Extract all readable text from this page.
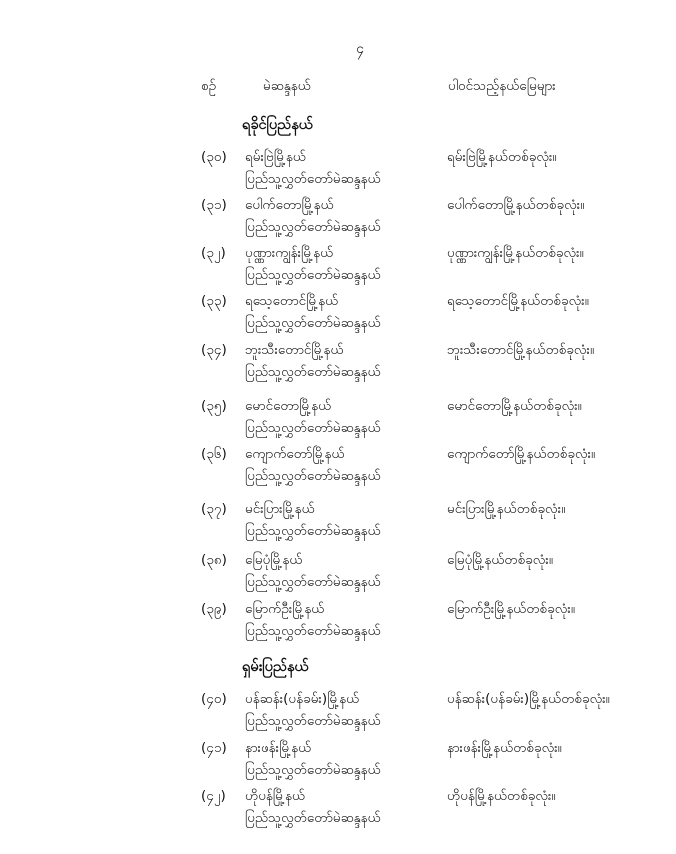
၄
စဉ်	မဲဆန္ဒနယ်	ပါဝင်သည့်နယ်မြေများ
ရခိုင်ပြည်နယ်
(၃၀) ရမ်းဗြဲမြို့နယ်
ပြည်သူ့လွှတ်တော်မဲဆန္ဒနယ်
ရမ်းဗြဲမြို့နယ်တစ်ခုလုံး။
(၃၁) ပေါက်တောမြို့နယ်
ပြည်သူ့လွှတ်တော်မဲဆန္ဒနယ်
ပေါက်တောမြို့နယ်တစ်ခုလုံး။
(၃၂) ပုဏ္ဏားကျွန်းမြို့နယ်
ပြည်သူ့လွှတ်တော်မဲဆန္ဒနယ်
ပုဏ္ဏားကျွန်းမြို့နယ်တစ်ခုလုံး။
(၃၃) ရသေ့တောင်မြို့နယ်
ပြည်သူ့လွှတ်တော်မဲဆန္ဒနယ်
ရသေ့တောင်မြို့နယ်တစ်ခုလုံး။
(၃၄) ဘူးသီးတောင်မြို့နယ်
ပြည်သူ့လွှတ်တော်မဲဆန္ဒနယ်
ဘူးသီးတောင်မြို့နယ်တစ်ခုလုံး။
(၃၅) မောင်တောမြို့နယ်
ပြည်သူ့လွှတ်တော်မဲဆန္ဒနယ်
မောင်တောမြို့နယ်တစ်ခုလုံး။
(၃၆) ကျောက်တော်မြို့နယ်
ပြည်သူ့လွှတ်တော်မဲဆန္ဒနယ်
ကျောက်တော်မြို့နယ်တစ်ခုလုံး။
(၃၇) မင်းပြားမြို့နယ်
ပြည်သူ့လွှတ်တော်မဲဆန္ဒနယ်
မင်းပြားမြို့နယ်တစ်ခုလုံး။
(၃၈) မြေပုံမြို့နယ်
ပြည်သူ့လွှတ်တော်မဲဆန္ဒနယ်
မြေပုံမြို့နယ်တစ်ခုလုံး။
(၃၉) မြောက်ဦးမြို့နယ်
ပြည်သူ့လွှတ်တော်မဲဆန္ဒနယ်
မြောက်ဦးမြို့နယ်တစ်ခုလုံး။
ရှမ်းပြည်နယ်
(၄၀) ပန်ဆန်း(ပန်ခမ်း)မြို့နယ်
ပြည်သူ့လွှတ်တော်မဲဆန္ဒနယ်
ပန်ဆန်း(ပန်ခမ်း)မြို့နယ်တစ်ခုလုံး။
(၄၁) နားဖန်းမြို့နယ်
ပြည်သူ့လွှတ်တော်မဲဆန္ဒနယ်
နားဖန်းမြို့နယ်တစ်ခုလုံး။
(၄၂) ဟိုပန်မြို့နယ်
ပြည်သူ့လွှတ်တော်မဲဆန္ဒနယ်
ဟိုပန်မြို့နယ်တစ်ခုလုံး။
